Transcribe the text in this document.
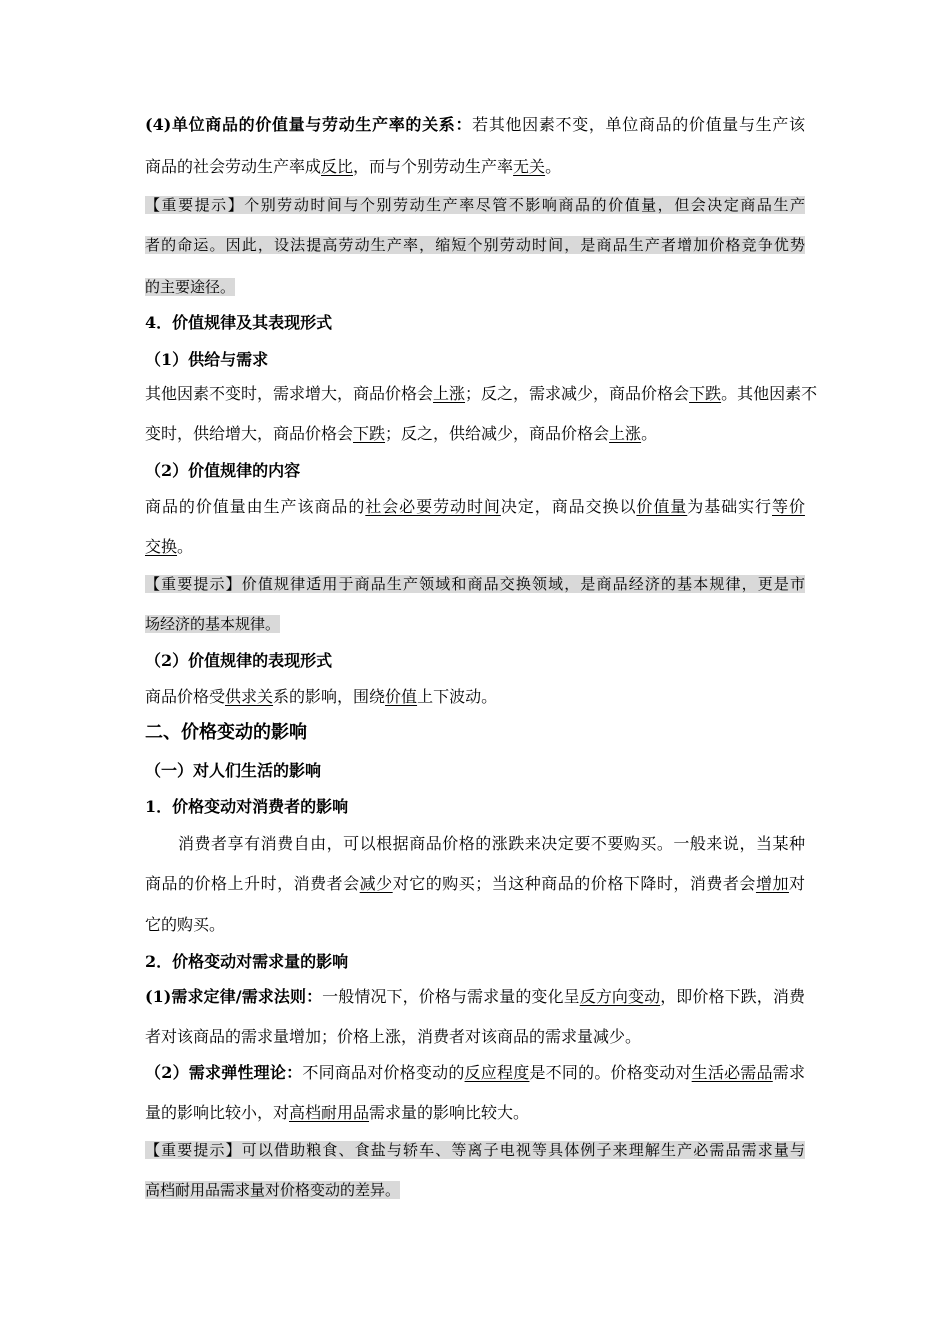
(4)单位商品的价值量与劳动生产率的关系：若其他因素不变，单位商品的价值量与生产该
商品的社会劳动生产率成反比，而与个别劳动生产率无关。
【重要提示】个别劳动时间与个别劳动生产率尽管不影响商品的价值量，但会决定商品生产
者的命运。因此，设法提高劳动生产率，缩短个别劳动时间，是商品生产者增加价格竞争优势
的主要途径。
4．价值规律及其表现形式
（1）供给与需求
其他因素不变时，需求增大，商品价格会上涨；反之，需求减少，商品价格会下跌。其他因素不
变时，供给增大，商品价格会下跌；反之，供给减少，商品价格会上涨。
（2）价值规律的内容
商品的价值量由生产该商品的社会必要劳动时间决定，商品交换以价值量为基础实行等价
交换。
【重要提示】价值规律适用于商品生产领域和商品交换领域，是商品经济的基本规律，更是市
场经济的基本规律。
（2）价值规律的表现形式
商品价格受供求关系的影响，围绕价值上下波动。
二、价格变动的影响
（一）对人们生活的影响
1．价格变动对消费者的影响
　　消费者享有消费自由，可以根据商品价格的涨跌来决定要不要购买。一般来说，当某种
商品的价格上升时，消费者会减少对它的购买；当这种商品的价格下降时，消费者会增加对
它的购买。
2．价格变动对需求量的影响
(1)需求定律/需求法则：一般情况下，价格与需求量的变化呈反方向变动，即价格下跌，消费
者对该商品的需求量增加；价格上涨，消费者对该商品的需求量减少。
（2）需求弹性理论：不同商品对价格变动的反应程度是不同的。价格变动对生活必需品需求
量的影响比较小，对高档耐用品需求量的影响比较大。
【重要提示】可以借助粮食、食盐与轿车、等离子电视等具体例子来理解生产必需品需求量与
高档耐用品需求量对价格变动的差异。
